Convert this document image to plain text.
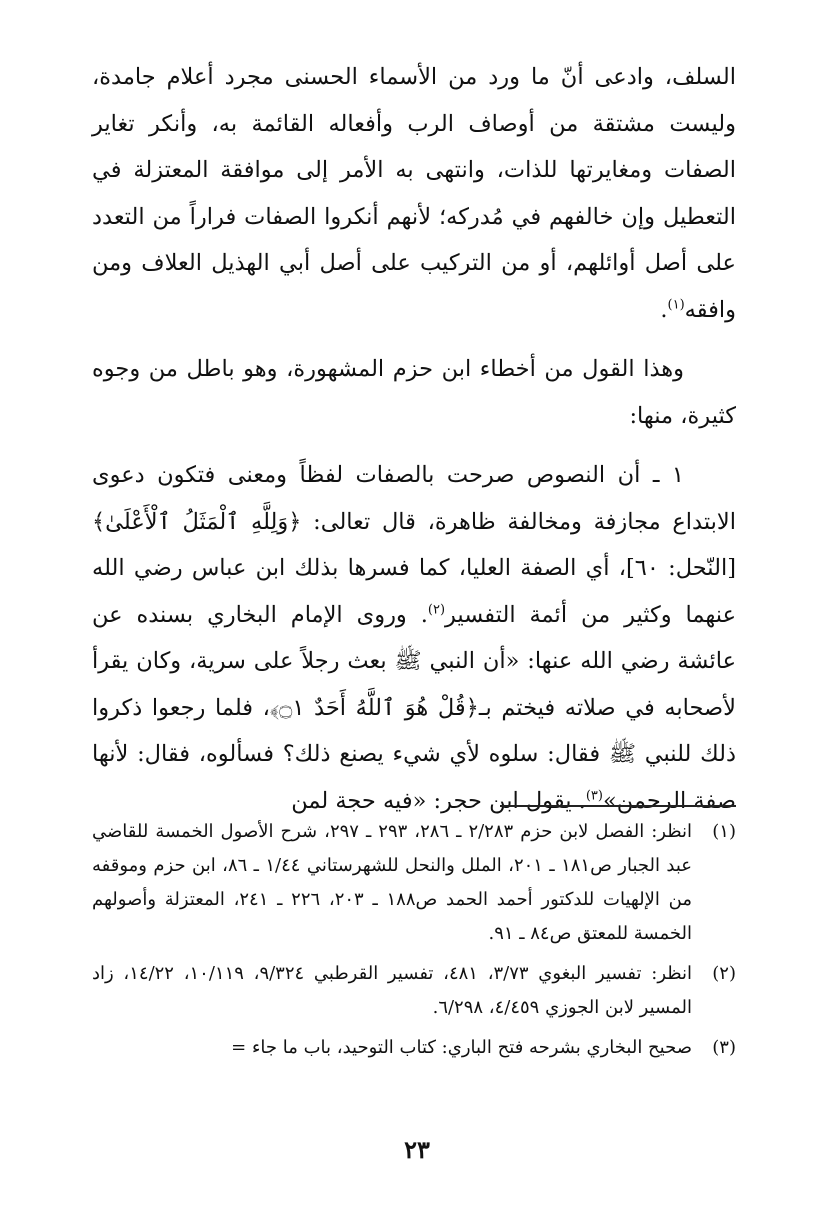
السلف، وادعى أنّ ما ورد من الأسماء الحسنى مجرد أعلام جامدة، وليست مشتقة من أوصاف الرب وأفعاله القائمة به، وأنكر تغاير الصفات ومغايرتها للذات، وانتهى به الأمر إلى موافقة المعتزلة في التعطيل وإن خالفهم في مُدركه؛ لأنهم أنكروا الصفات فراراً من التعدد على أصل أوائلهم، أو من التركيب على أصل أبي الهذيل العلاف ومن وافقه$^{(١)}$.

وهذا القول من أخطاء ابن حزم المشهورة، وهو باطل من وجوه كثيرة، منها:

١ ـ أن النصوص صرحت بالصفات لفظاً ومعنى فتكون دعوى الابتداع مجازفة ومخالفة ظاهرة، قال تعالى: ﴿وَلِلَّهِ ٱلْمَثَلُ ٱلْأَعْلَىٰ﴾ [النّحل: ٦٠]، أي الصفة العليا، كما فسرها بذلك ابن عباس رضي الله عنهما وكثير من أئمة التفسير$^{(٢)}$. وروى الإمام البخاري بسنده عن عائشة رضي الله عنها: «أن النبي ﷺ بعث رجلاً على سرية، وكان يقرأ لأصحابه في صلاته فيختم بـ﴿قُلْ هُوَ ٱللَّهُ أَحَدٌ ۝١﴾، فلما رجعوا ذكروا ذلك للنبي ﷺ فقال: سلوه لأي شيء يصنع ذلك؟ فسألوه، فقال: لأنها صفة الرحمن»$^{(٣)}$. يقول ابن حجر: «فيه حجة لمن

(١)
انظر: الفصل لابن حزم ٢/٢٨٣ ـ ٢٨٦، ٢٩٣ ـ ٢٩٧، شرح الأصول الخمسة للقاضي عبد الجبار ص١٨١ ـ ٢٠١، الملل والنحل للشهرستاني ١/٤٤ ـ ٨٦، ابن حزم وموقفه من الإلهيات للدكتور أحمد الحمد ص١٨٨ ـ ٢٠٣، ٢٢٦ ـ ٢٤١، المعتزلة وأصولهم الخمسة للمعتق ص٨٤ ـ ٩١.
(٢)
انظر: تفسير البغوي ٣/٧٣، ٤٨١، تفسير القرطبي ٩/٣٢٤، ١٠/١١٩، ١٤/٢٢، زاد المسير لابن الجوزي ٤/٤٥٩، ٦/٢٩٨.
(٣)
صحيح البخاري بشرحه فتح الباري: كتاب التوحيد، باب ما جاء =
٢٣
